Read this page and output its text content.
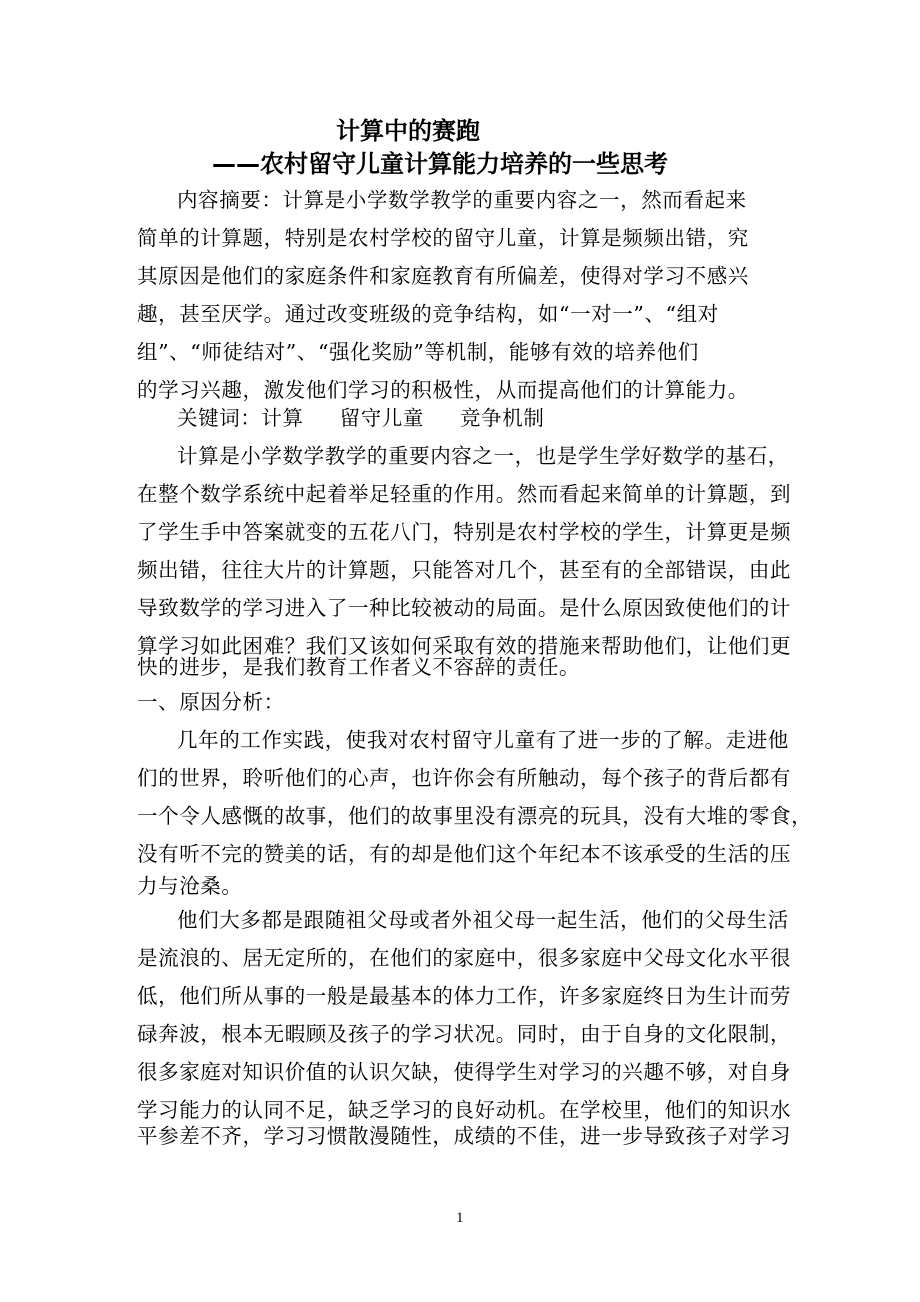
计算中的赛跑
——农村留守儿童计算能力培养的一些思考
内容摘要：计算是小学数学教学的重要内容之一，然而看起来
简单的计算题，特别是农村学校的留守儿童，计算是频频出错，究
其原因是他们的家庭条件和家庭教育有所偏差，使得对学习不感兴
趣，甚至厌学。通过改变班级的竞争结构，如“一对一”、“组对
组”、“师徒结对”、“强化奖励”等机制，能够有效的培养他们
的学习兴趣，激发他们学习的积极性，从而提高他们的计算能力。
关键词：计算 留守儿童 竞争机制
计算是小学数学教学的重要内容之一，也是学生学好数学的基石，
在整个数学系统中起着举足轻重的作用。然而看起来简单的计算题，到
了学生手中答案就变的五花八门，特别是农村学校的学生，计算更是频
频出错，往往大片的计算题，只能答对几个，甚至有的全部错误，由此
导致数学的学习进入了一种比较被动的局面。是什么原因致使他们的计
算学习如此困难？我们又该如何采取有效的措施来帮助他们，让他们更
快的进步，是我们教育工作者义不容辞的责任。
一、原因分析：
几年的工作实践，使我对农村留守儿童有了进一步的了解。走进他
们的世界，聆听他们的心声，也许你会有所触动，每个孩子的背后都有
一个令人感慨的故事，他们的故事里没有漂亮的玩具，没有大堆的零食，
没有听不完的赞美的话，有的却是他们这个年纪本不该承受的生活的压
力与沧桑。
他们大多都是跟随祖父母或者外祖父母一起生活，他们的父母生活
是流浪的、居无定所的，在他们的家庭中，很多家庭中父母文化水平很
低，他们所从事的一般是最基本的体力工作，许多家庭终日为生计而劳
碌奔波，根本无暇顾及孩子的学习状况。同时，由于自身的文化限制，
很多家庭对知识价值的认识欠缺，使得学生对学习的兴趣不够，对自身
学习能力的认同不足，缺乏学习的良好动机。在学校里，他们的知识水
平参差不齐，学习习惯散漫随性，成绩的不佳，进一步导致孩子对学习
1
